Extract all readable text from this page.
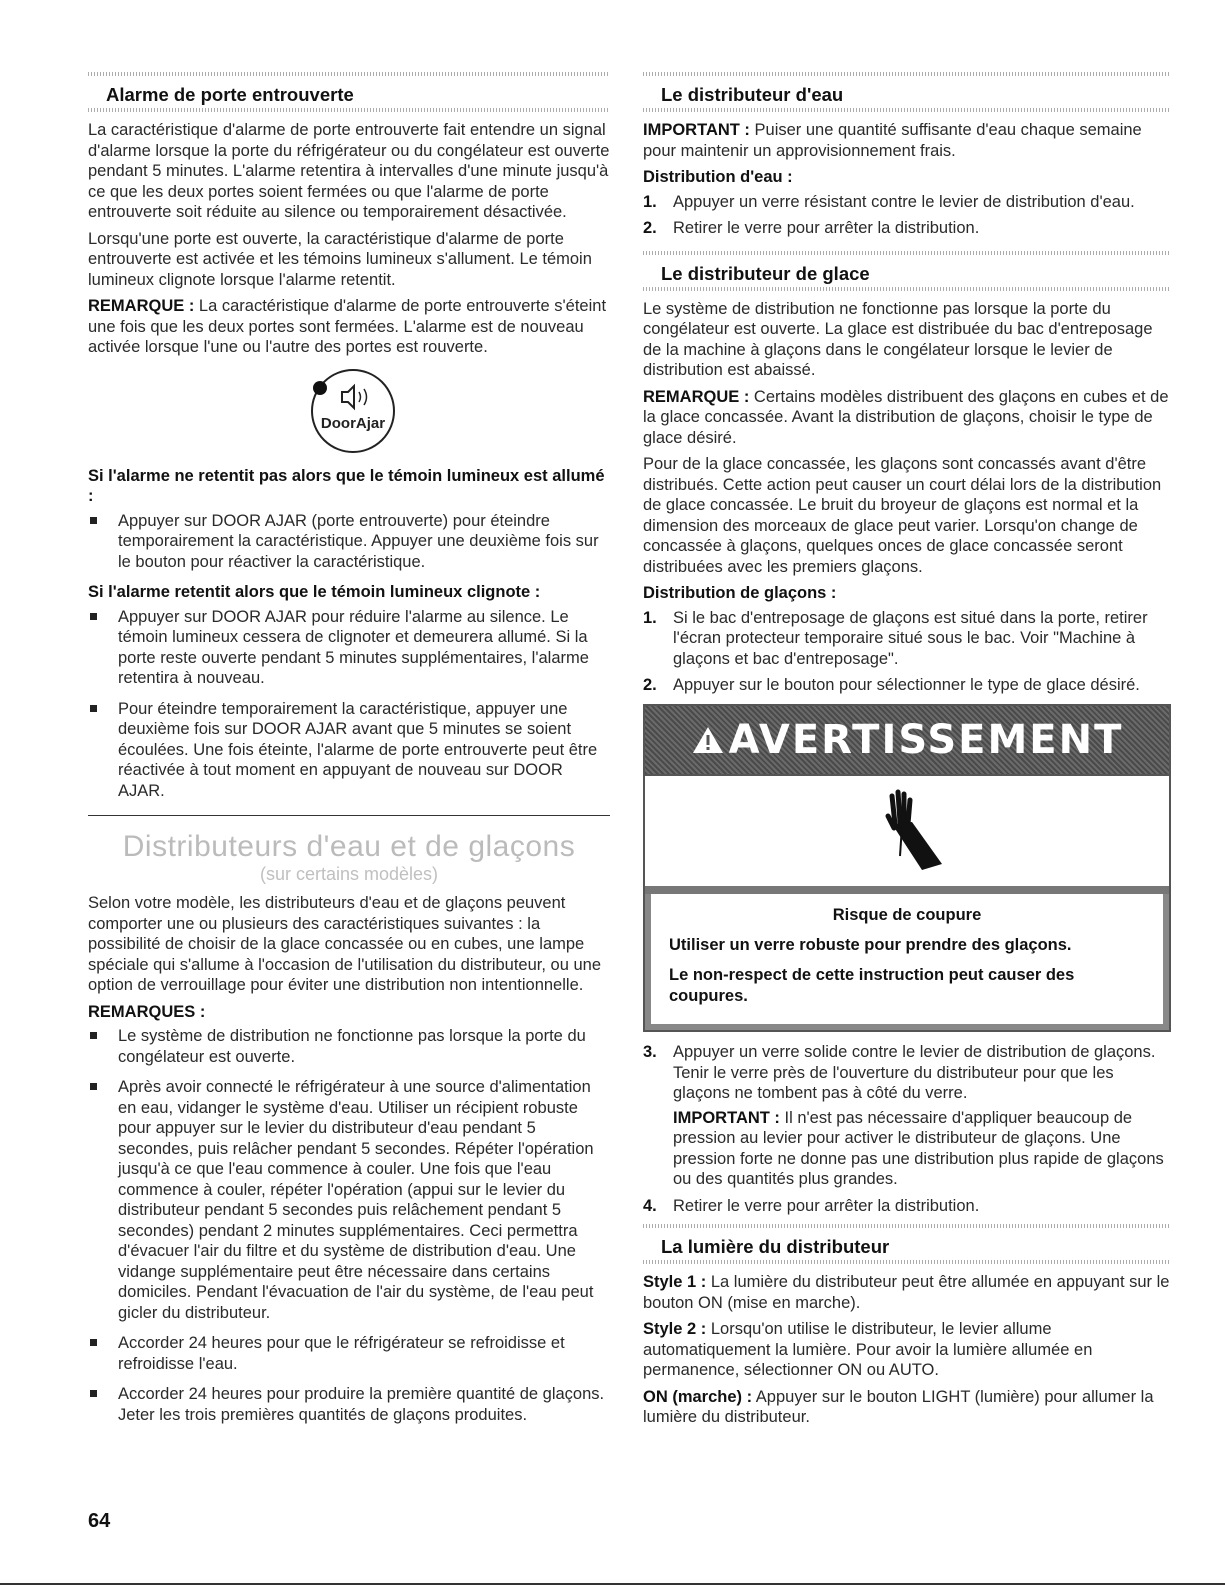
Alarme de porte entrouverte

La caractéristique d'alarme de porte entrouverte fait entendre un signal d'alarme lorsque la porte du réfrigérateur ou du congélateur est ouverte pendant 5 minutes. L'alarme retentira à intervalles d'une minute jusqu'à ce que les deux portes soient fermées ou que l'alarme de porte entrouverte soit réduite au silence ou temporairement désactivée.

Lorsqu'une porte est ouverte, la caractéristique d'alarme de porte entrouverte est activée et les témoins lumineux s'allument. Le témoin lumineux clignote lorsque l'alarme retentit.

REMARQUE : La caractéristique d'alarme de porte entrouverte s'éteint une fois que les deux portes sont fermées. L'alarme est de nouveau activée lorsque l'une ou l'autre des portes est rouverte.

DoorAjar
Si l'alarme ne retentit pas alors que le témoin lumineux est allumé :
Appuyer sur DOOR AJAR (porte entrouverte) pour éteindre temporairement la caractéristique. Appuyer une deuxième fois sur le bouton pour réactiver la caractéristique.
Si l'alarme retentit alors que le témoin lumineux clignote :
Appuyer sur DOOR AJAR pour réduire l'alarme au silence. Le témoin lumineux cessera de clignoter et demeurera allumé. Si la porte reste ouverte pendant 5 minutes supplémentaires, l'alarme retentira à nouveau.
Pour éteindre temporairement la caractéristique, appuyer une deuxième fois sur DOOR AJAR avant que 5 minutes se soient écoulées. Une fois éteinte, l'alarme de porte entrouverte peut être réactivée à tout moment en appuyant de nouveau sur DOOR AJAR.
Distributeurs d'eau et de glaçons
(sur certains modèles)

Selon votre modèle, les distributeurs d'eau et de glaçons peuvent comporter une ou plusieurs des caractéristiques suivantes : la possibilité de choisir de la glace concassée ou en cubes, une lampe spéciale qui s'allume à l'occasion de l'utilisation du distributeur, ou une option de verrouillage pour éviter une distribution non intentionnelle.

REMARQUES :
Le système de distribution ne fonctionne pas lorsque la porte du congélateur est ouverte.
Après avoir connecté le réfrigérateur à une source d'alimentation en eau, vidanger le système d'eau. Utiliser un récipient robuste pour appuyer sur le levier du distributeur d'eau pendant 5 secondes, puis relâcher pendant 5 secondes. Répéter l'opération jusqu'à ce que l'eau commence à couler. Une fois que l'eau commence à couler, répéter l'opération (appui sur le levier du distributeur pendant 5 secondes puis relâchement pendant 5 secondes) pendant 2 minutes supplémentaires. Ceci permettra d'évacuer l'air du filtre et du système de distribution d'eau. Une vidange supplémentaire peut être nécessaire dans certains domiciles. Pendant l'évacuation de l'air du système, de l'eau peut gicler du distributeur.
Accorder 24 heures pour que le réfrigérateur se refroidisse et refroidisse l'eau.
Accorder 24 heures pour produire la première quantité de glaçons. Jeter les trois premières quantités de glaçons produites.
Le distributeur d'eau

IMPORTANT : Puiser une quantité suffisante d'eau chaque semaine pour maintenir un approvisionnement frais.

Distribution d'eau :
1. Appuyer un verre résistant contre le levier de distribution d'eau.
2. Retirer le verre pour arrêter la distribution.
Le distributeur de glace

Le système de distribution ne fonctionne pas lorsque la porte du congélateur est ouverte. La glace est distribuée du bac d'entreposage de la machine à glaçons dans le congélateur lorsque le levier de distribution est abaissé.

REMARQUE : Certains modèles distribuent des glaçons en cubes et de la glace concassée. Avant la distribution de glaçons, choisir le type de glace désiré.

Pour de la glace concassée, les glaçons sont concassés avant d'être distribués. Cette action peut causer un court délai lors de la distribution de glace concassée. Le bruit du broyeur de glaçons est normal et la dimension des morceaux de glace peut varier. Lorsqu'on change de concassée à glaçons, quelques onces de glace concassée seront distribuées avec les premiers glaçons.

Distribution de glaçons :
1. Si le bac d'entreposage de glaçons est situé dans la porte, retirer l'écran protecteur temporaire situé sous le bac. Voir "Machine à glaçons et bac d'entreposage".
2. Appuyer sur le bouton pour sélectionner le type de glace désiré.
AVERTISSEMENT
Risque de coupure

Utiliser un verre robuste pour prendre des glaçons.

Le non-respect de cette instruction peut causer des coupures.

3. Appuyer un verre solide contre le levier de distribution de glaçons. Tenir le verre près de l'ouverture du distributeur pour que les glaçons ne tombent pas à côté du verre.
IMPORTANT : Il n'est pas nécessaire d'appliquer beaucoup de pression au levier pour activer le distributeur de glaçons. Une pression forte ne donne pas une distribution plus rapide de glaçons ou des quantités plus grandes.
4. Retirer le verre pour arrêter la distribution.
La lumière du distributeur

Style 1 : La lumière du distributeur peut être allumée en appuyant sur le bouton ON (mise en marche).

Style 2 : Lorsqu'on utilise le distributeur, le levier allume automatiquement la lumière. Pour avoir la lumière allumée en permanence, sélectionner ON ou AUTO.

ON (marche) : Appuyer sur le bouton LIGHT (lumière) pour allumer la lumière du distributeur.

64
